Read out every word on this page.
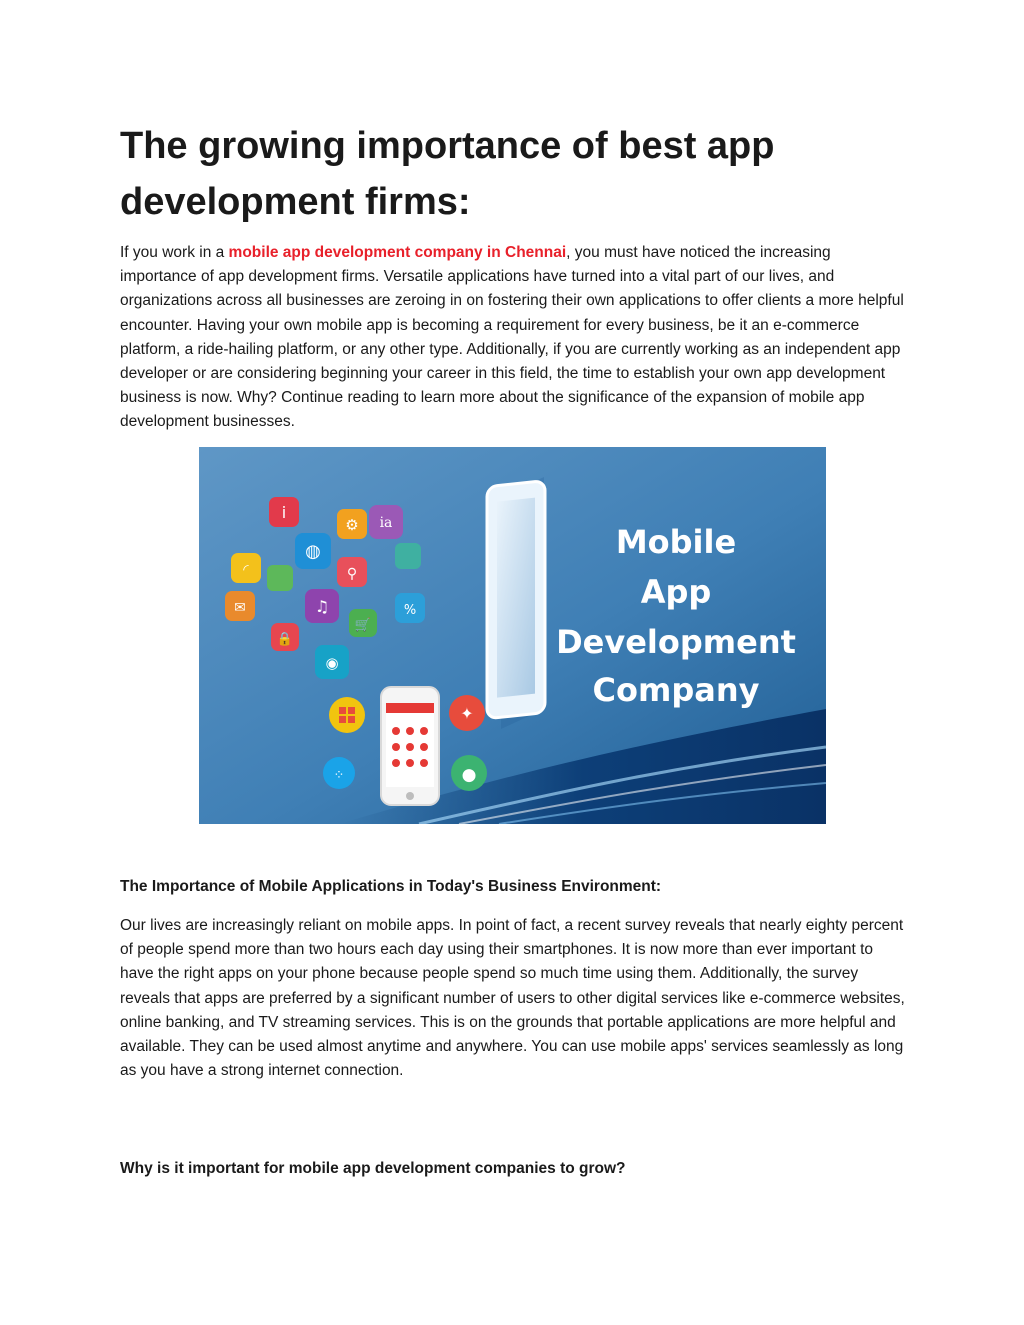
The growing importance of best app development firms:

If you work in a mobile app development company in Chennai, you must have noticed the increasing importance of app development firms. Versatile applications have turned into a vital part of our lives, and organizations across all businesses are zeroing in on fostering their own applications to offer clients a more helpful encounter. Having your own mobile app is becoming a requirement for every business, be it an e-commerce platform, a ride-hailing platform, or any other type. Additionally, if you are currently working as an independent app developer or are considering beginning your career in this field, the time to establish your own app development business is now. Why? Continue reading to learn more about the significance of the expansion of mobile app development businesses.

i
⚙ ia
◍
◜	⚲
✉	♫	%
🛒
🔒
◉
✦
⁘	●
Mobile
App
Development
Company
The Importance of Mobile Applications in Today's Business Environment:

Our lives are increasingly reliant on mobile apps. In point of fact, a recent survey reveals that nearly eighty percent of people spend more than two hours each day using their smartphones. It is now more than ever important to have the right apps on your phone because people spend so much time using them. Additionally, the survey reveals that apps are preferred by a significant number of users to other digital services like e-commerce websites, online banking, and TV streaming services. This is on the grounds that portable applications are more helpful and available. They can be used almost anytime and anywhere. You can use mobile apps' services seamlessly as long as you have a strong internet connection.

Why is it important for mobile app development companies to grow?
